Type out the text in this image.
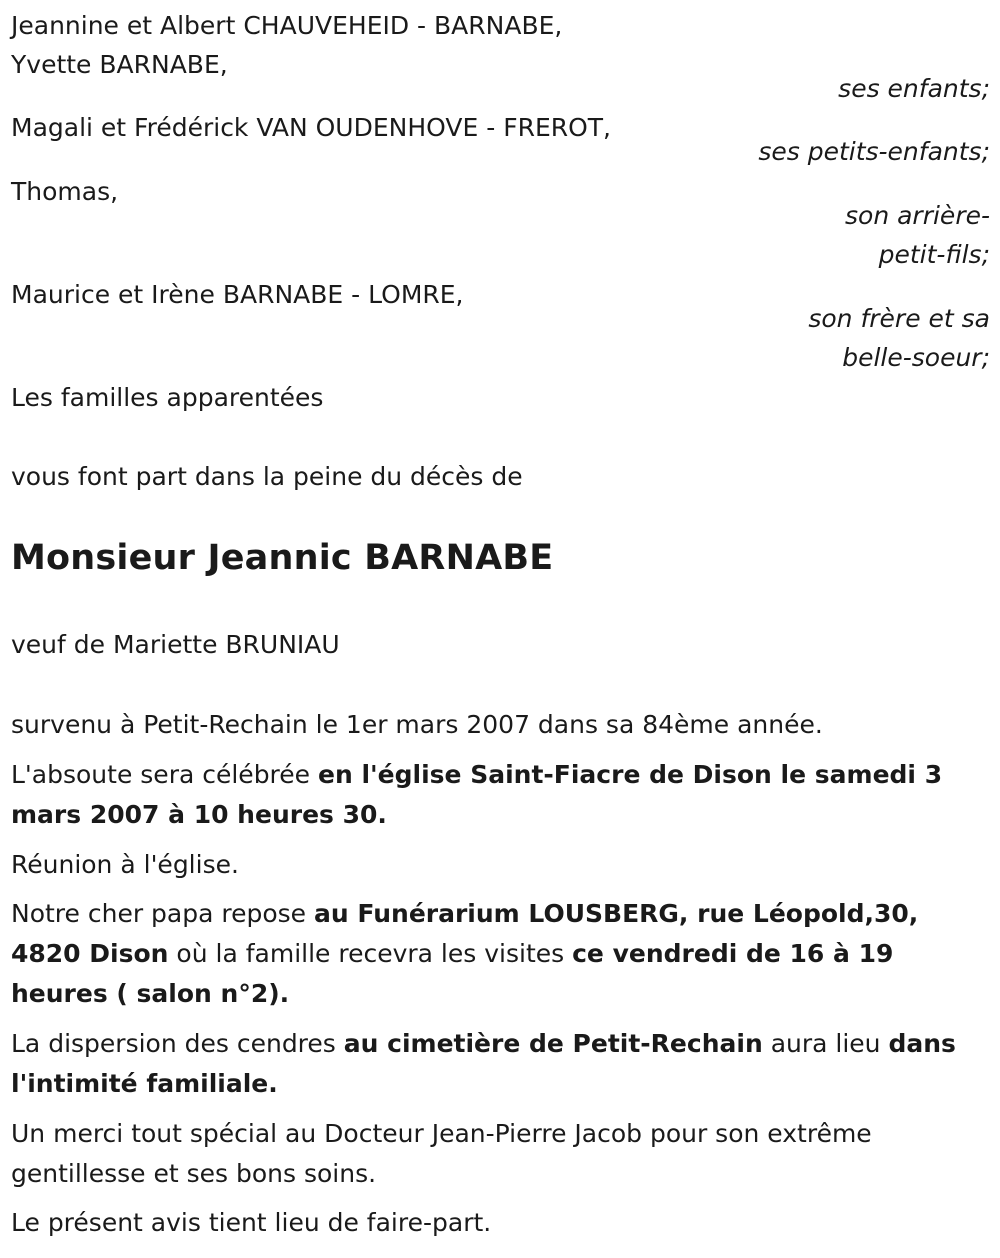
Jeannine et Albert CHAUVEHEID - BARNABE,

Yvette BARNABE,

ses enfants;

Magali et Frédérick VAN OUDENHOVE - FREROT,

ses petits-enfants;

Thomas,

son arrière-

petit-fils;

Maurice et Irène BARNABE - LOMRE,

son frère et sa

belle-soeur;

Les familles apparentées

vous font part dans la peine du décès de

Monsieur Jeannic BARNABE

veuf de Mariette BRUNIAU

survenu à Petit-Rechain le 1er mars 2007 dans sa 84ème année.

L'absoute sera célébrée en l'église Saint-Fiacre de Dison le samedi 3 mars 2007 à 10 heures 30.

Réunion à l'église.

Notre cher papa repose au Funérarium LOUSBERG, rue Léopold,30, 4820 Dison où la famille recevra les visites ce vendredi de 16 à 19 heures ( salon n°2).

La dispersion des cendres au cimetière de Petit-Rechain aura lieu dans l'intimité familiale.

Un merci tout spécial au Docteur Jean-Pierre Jacob pour son extrême gentillesse et ses bons soins.

Le présent avis tient lieu de faire-part.
